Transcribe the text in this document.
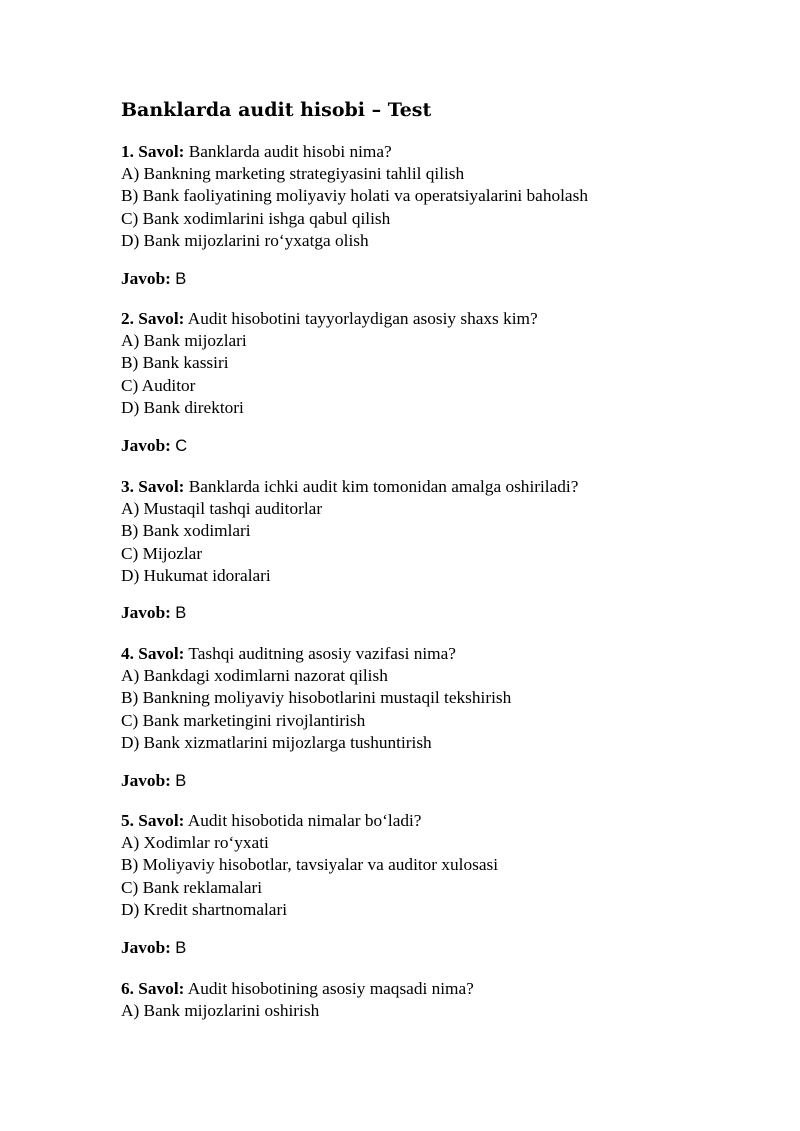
Banklarda audit hisobi – Test

1. Savol: Banklarda audit hisobi nima?

A) Bankning marketing strategiyasini tahlil qilish

B) Bank faoliyatining moliyaviy holati va operatsiyalarini baholash

C) Bank xodimlarini ishga qabul qilish

D) Bank mijozlarini ro‘yxatga olish

Javob: B

2. Savol: Audit hisobotini tayyorlaydigan asosiy shaxs kim?

A) Bank mijozlari

B) Bank kassiri

C) Auditor

D) Bank direktori

Javob: C

3. Savol: Banklarda ichki audit kim tomonidan amalga oshiriladi?

A) Mustaqil tashqi auditorlar

B) Bank xodimlari

C) Mijozlar

D) Hukumat idoralari

Javob: B

4. Savol: Tashqi auditning asosiy vazifasi nima?

A) Bankdagi xodimlarni nazorat qilish

B) Bankning moliyaviy hisobotlarini mustaqil tekshirish

C) Bank marketingini rivojlantirish

D) Bank xizmatlarini mijozlarga tushuntirish

Javob: B

5. Savol: Audit hisobotida nimalar bo‘ladi?

A) Xodimlar ro‘yxati

B) Moliyaviy hisobotlar, tavsiyalar va auditor xulosasi

C) Bank reklamalari

D) Kredit shartnomalari

Javob: B

6. Savol: Audit hisobotining asosiy maqsadi nima?

A) Bank mijozlarini oshirish
